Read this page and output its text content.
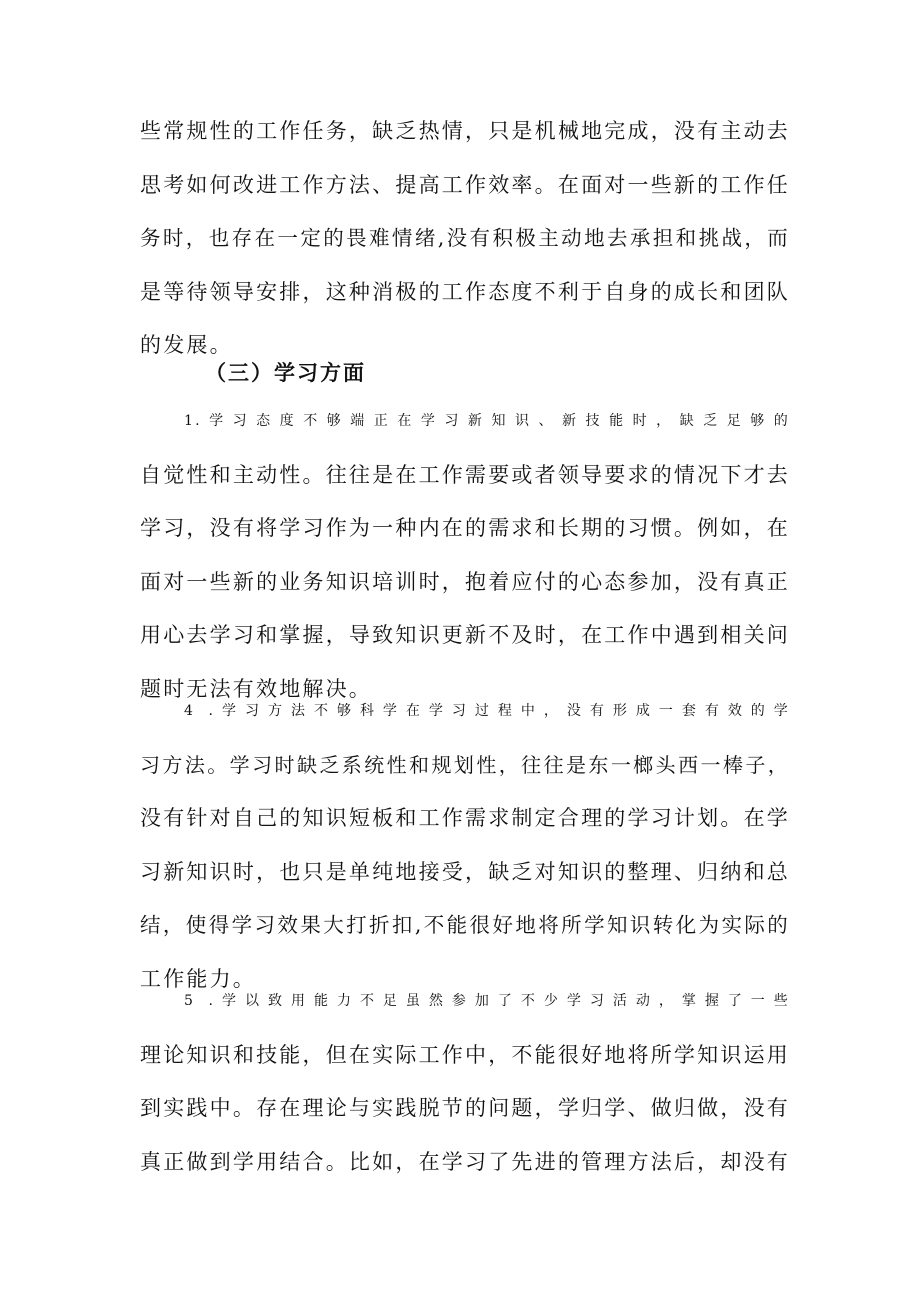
些常规性的工作任务，缺乏热情，只是机械地完成，没有主动去
思考如何改进工作方法、提高工作效率。在面对一些新的工作任
务时，也存在一定的畏难情绪,没有积极主动地去承担和挑战，而
是等待领导安排，这种消极的工作态度不利于自身的成长和团队
的发展。
（三）学习方面
1.学习态度不够端正在学习新知识、新技能时，缺乏足够的
自觉性和主动性。往往是在工作需要或者领导要求的情况下才去
学习，没有将学习作为一种内在的需求和长期的习惯。例如，在
面对一些新的业务知识培训时，抱着应付的心态参加，没有真正
用心去学习和掌握，导致知识更新不及时，在工作中遇到相关问
题时无法有效地解决。
4 .学习方法不够科学在学习过程中，没有形成一套有效的学
习方法。学习时缺乏系统性和规划性，往往是东一榔头西一棒子，
没有针对自己的知识短板和工作需求制定合理的学习计划。在学
习新知识时，也只是单纯地接受，缺乏对知识的整理、归纳和总
结，使得学习效果大打折扣,不能很好地将所学知识转化为实际的
工作能力。
5 .学以致用能力不足虽然参加了不少学习活动，掌握了一些
理论知识和技能，但在实际工作中，不能很好地将所学知识运用
到实践中。存在理论与实践脱节的问题，学归学、做归做，没有
真正做到学用结合。比如，在学习了先进的管理方法后，却没有
